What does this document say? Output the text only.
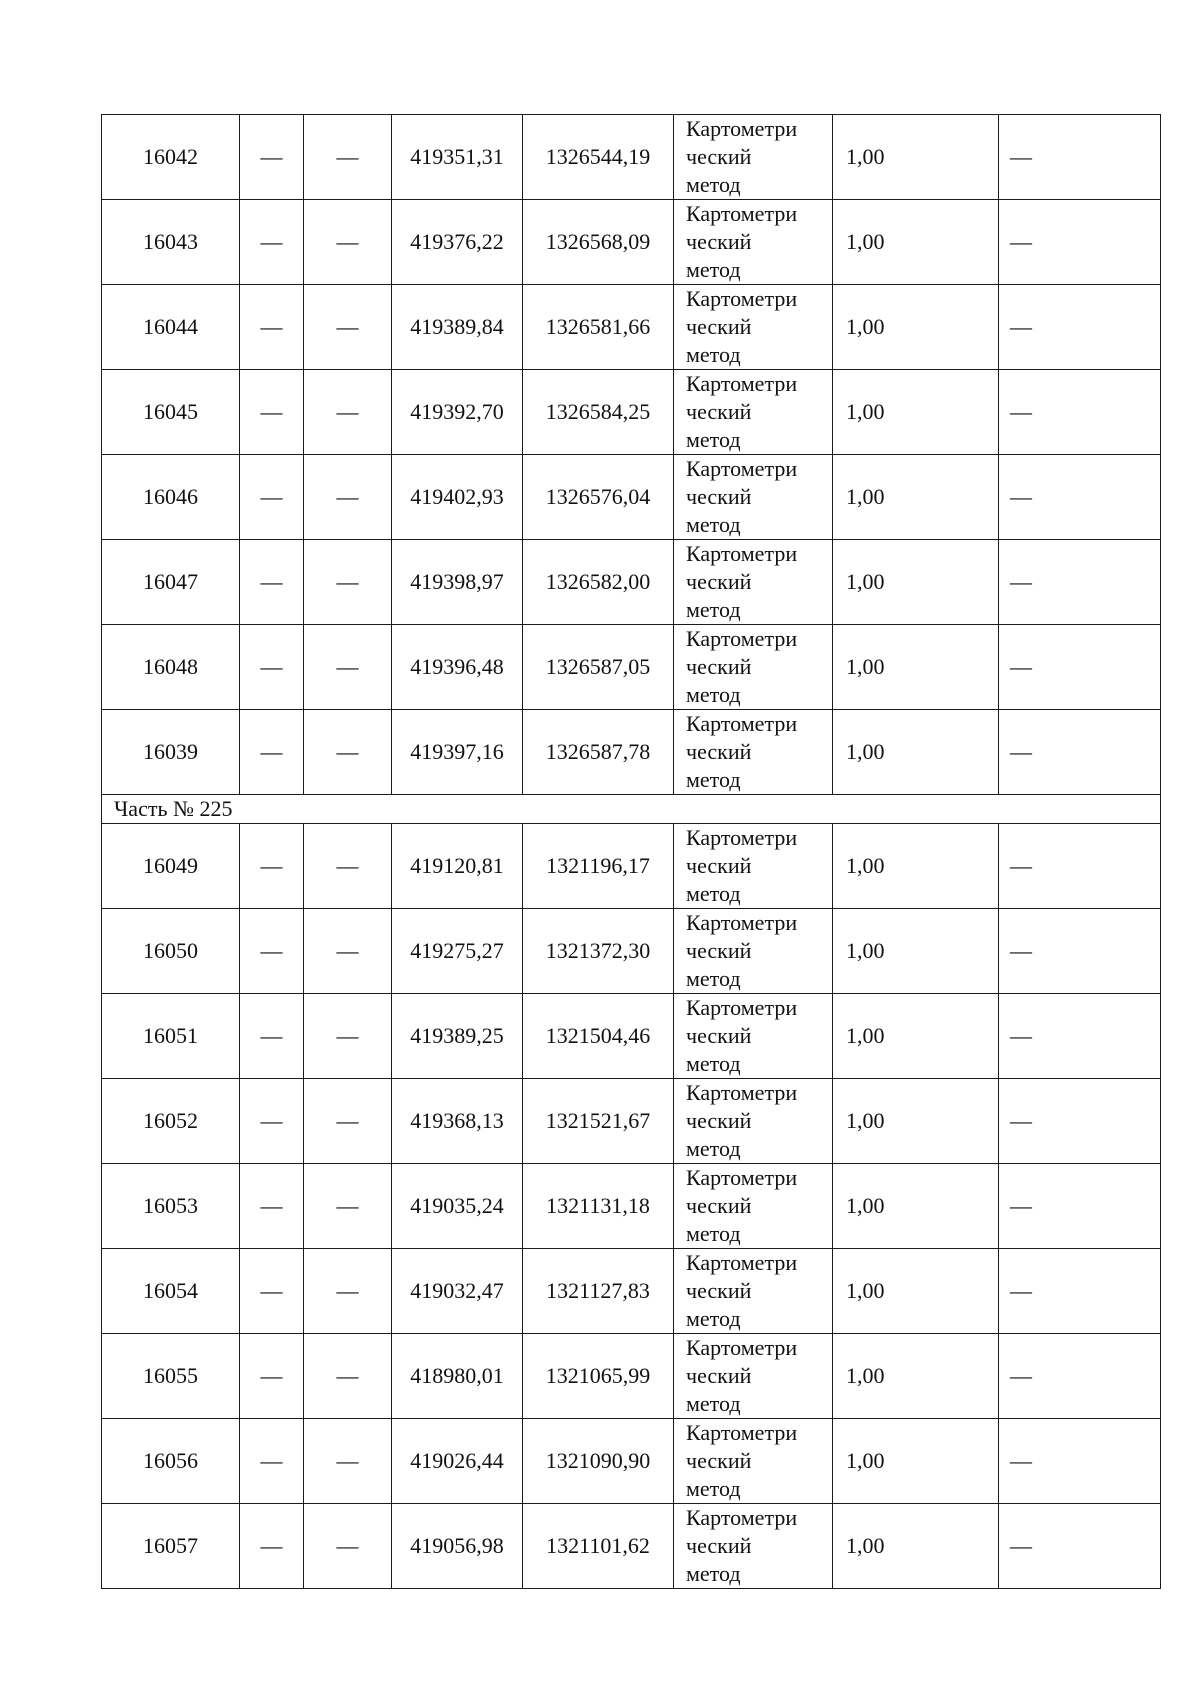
16042	—	—	419351,31	1326544,19	Картометри
ческий
метод	1,00	—
16043	—	—	419376,22	1326568,09	Картометри
ческий
метод	1,00	—
16044	—	—	419389,84	1326581,66	Картометри
ческий
метод	1,00	—
16045	—	—	419392,70	1326584,25	Картометри
ческий
метод	1,00	—
16046	—	—	419402,93	1326576,04	Картометри
ческий
метод	1,00	—
16047	—	—	419398,97	1326582,00	Картометри
ческий
метод	1,00	—
16048	—	—	419396,48	1326587,05	Картометри
ческий
метод	1,00	—
16039	—	—	419397,16	1326587,78	Картометри
ческий
метод	1,00	—
Часть № 225							
16049	—	—	419120,81	1321196,17	Картометри
ческий
метод	1,00	—
16050	—	—	419275,27	1321372,30	Картометри
ческий
метод	1,00	—
16051	—	—	419389,25	1321504,46	Картометри
ческий
метод	1,00	—
16052	—	—	419368,13	1321521,67	Картометри
ческий
метод	1,00	—
16053	—	—	419035,24	1321131,18	Картометри
ческий
метод	1,00	—
16054	—	—	419032,47	1321127,83	Картометри
ческий
метод	1,00	—
16055	—	—	418980,01	1321065,99	Картометри
ческий
метод	1,00	—
16056	—	—	419026,44	1321090,90	Картометри
ческий
метод	1,00	—
16057	—	—	419056,98	1321101,62	Картометри
ческий
метод	1,00	—
